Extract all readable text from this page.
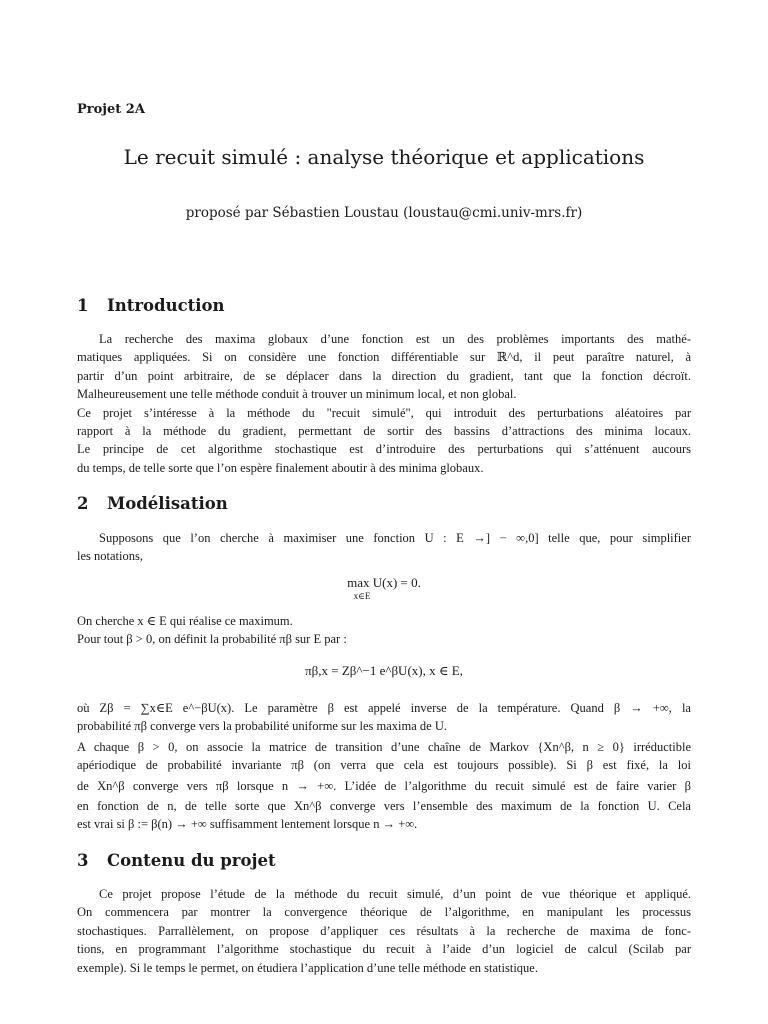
Projet 2A
Le recuit simulé : analyse théorique et applications
proposé par Sébastien Loustau (loustau@cmi.univ-mrs.fr)
1 Introduction
La recherche des maxima globaux d’une fonction est un des problèmes importants des mathé-
matiques appliquées. Si on considère une fonction différentiable sur ℝ^d, il peut paraître naturel, à
partir d’un point arbitraire, de se déplacer dans la direction du gradient, tant que la fonction décroït.
Malheureusement une telle méthode conduit à trouver un minimum local, et non global.
Ce projet s’intéresse à la méthode du "recuit simulé", qui introduit des perturbations aléatoires par
rapport à la méthode du gradient, permettant de sortir des bassins d’attractions des minima locaux.
Le principe de cet algorithme stochastique est d’introduire des perturbations qui s’atténuent aucours
du temps, de telle sorte que l’on espère finalement aboutir à des minima globaux.
2 Modélisation
Supposons que l’on cherche à maximiser une fonction U : E →] − ∞,0] telle que, pour simplifier
les notations,
max U(x) = 0.
x∈E
On cherche x ∈ E qui réalise ce maximum.
Pour tout β > 0, on définit la probabilité πβ sur E par :
πβ,x = Zβ^−1 e^βU(x), x ∈ E,
où Zβ = ∑x∈E e^−βU(x). Le paramètre β est appelé inverse de la température. Quand β → +∞, la
probabilité πβ converge vers la probabilité uniforme sur les maxima de U.
A chaque β > 0, on associe la matrice de transition d’une chaîne de Markov {Xn^β, n ≥ 0} irréductible
apériodique de probabilité invariante πβ (on verra que cela est toujours possible). Si β est fixé, la loi
de Xn^β converge vers πβ lorsque n → +∞. L’idée de l’algorithme du recuit simulé est de faire varier β
en fonction de n, de telle sorte que Xn^β converge vers l’ensemble des maximum de la fonction U. Cela
est vrai si β := β(n) → +∞ suffisamment lentement lorsque n → +∞.
3 Contenu du projet
Ce projet propose l’étude de la méthode du recuit simulé, d’un point de vue théorique et appliqué.
On commencera par montrer la convergence théorique de l’algorithme, en manipulant les processus
stochastiques. Parrallèlement, on propose d’appliquer ces résultats à la recherche de maxima de fonc-
tions, en programmant l’algorithme stochastique du recuit à l’aide d’un logiciel de calcul (Scilab par
exemple). Si le temps le permet, on étudiera l’application d’une telle méthode en statistique.
